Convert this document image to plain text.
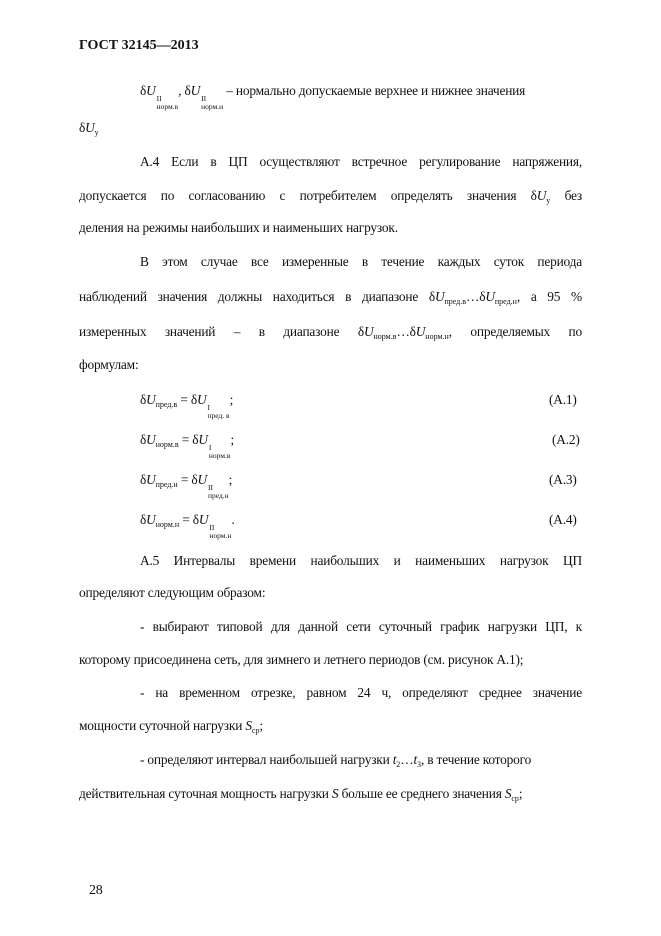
ГОСТ 32145—2013
δU
II
норм.в
, δU
II
норм.н
– нормально допускаемые верхнее и нижнее значения
$\delta U_у$
А.4 Если в ЦП осуществляют встречное регулирование напряжения,
допускается по согласованию с потребителем определять значения $\delta U_у$ без
деления на режимы наибольших и наименьших нагрузок.
В этом случае все измеренные в течение каждых суток периода
наблюдений значения должны находиться в диапазоне $\delta U_{пред.в}\dots\delta U_{пред.н}$, а 95 %
измеренных значений – в диапазоне $\delta U_{норм.в}\dots\delta U_{норм.н}$, определяемых по
формулам:
$\delta U_{пред.в} = \delta U$
I
пред. в
;	(А.1)
$\delta U_{норм.в} = \delta U$
I
норм.в
;	(А.2)
$\delta U_{пред.н} = \delta U$
II
пред.н
;	(А.3)
$\delta U_{норм.н} = \delta U$
II
норм.н
.	(А.4)
А.5 Интервалы времени наибольших и наименьших нагрузок ЦП
определяют следующим образом:
- выбирают типовой для данной сети суточный график нагрузки ЦП, к
которому присоединена сеть, для зимнего и летнего периодов (см. рисунок А.1);
- на временном отрезке, равном 24 ч, определяют среднее значение
мощности суточной нагрузки $S_{ср}$;
- определяют интервал наибольшей нагрузки $t_2\dots t_3$, в течение которого
действительная суточная мощность нагрузки S больше ее среднего значения $S_{ср}$;
28
